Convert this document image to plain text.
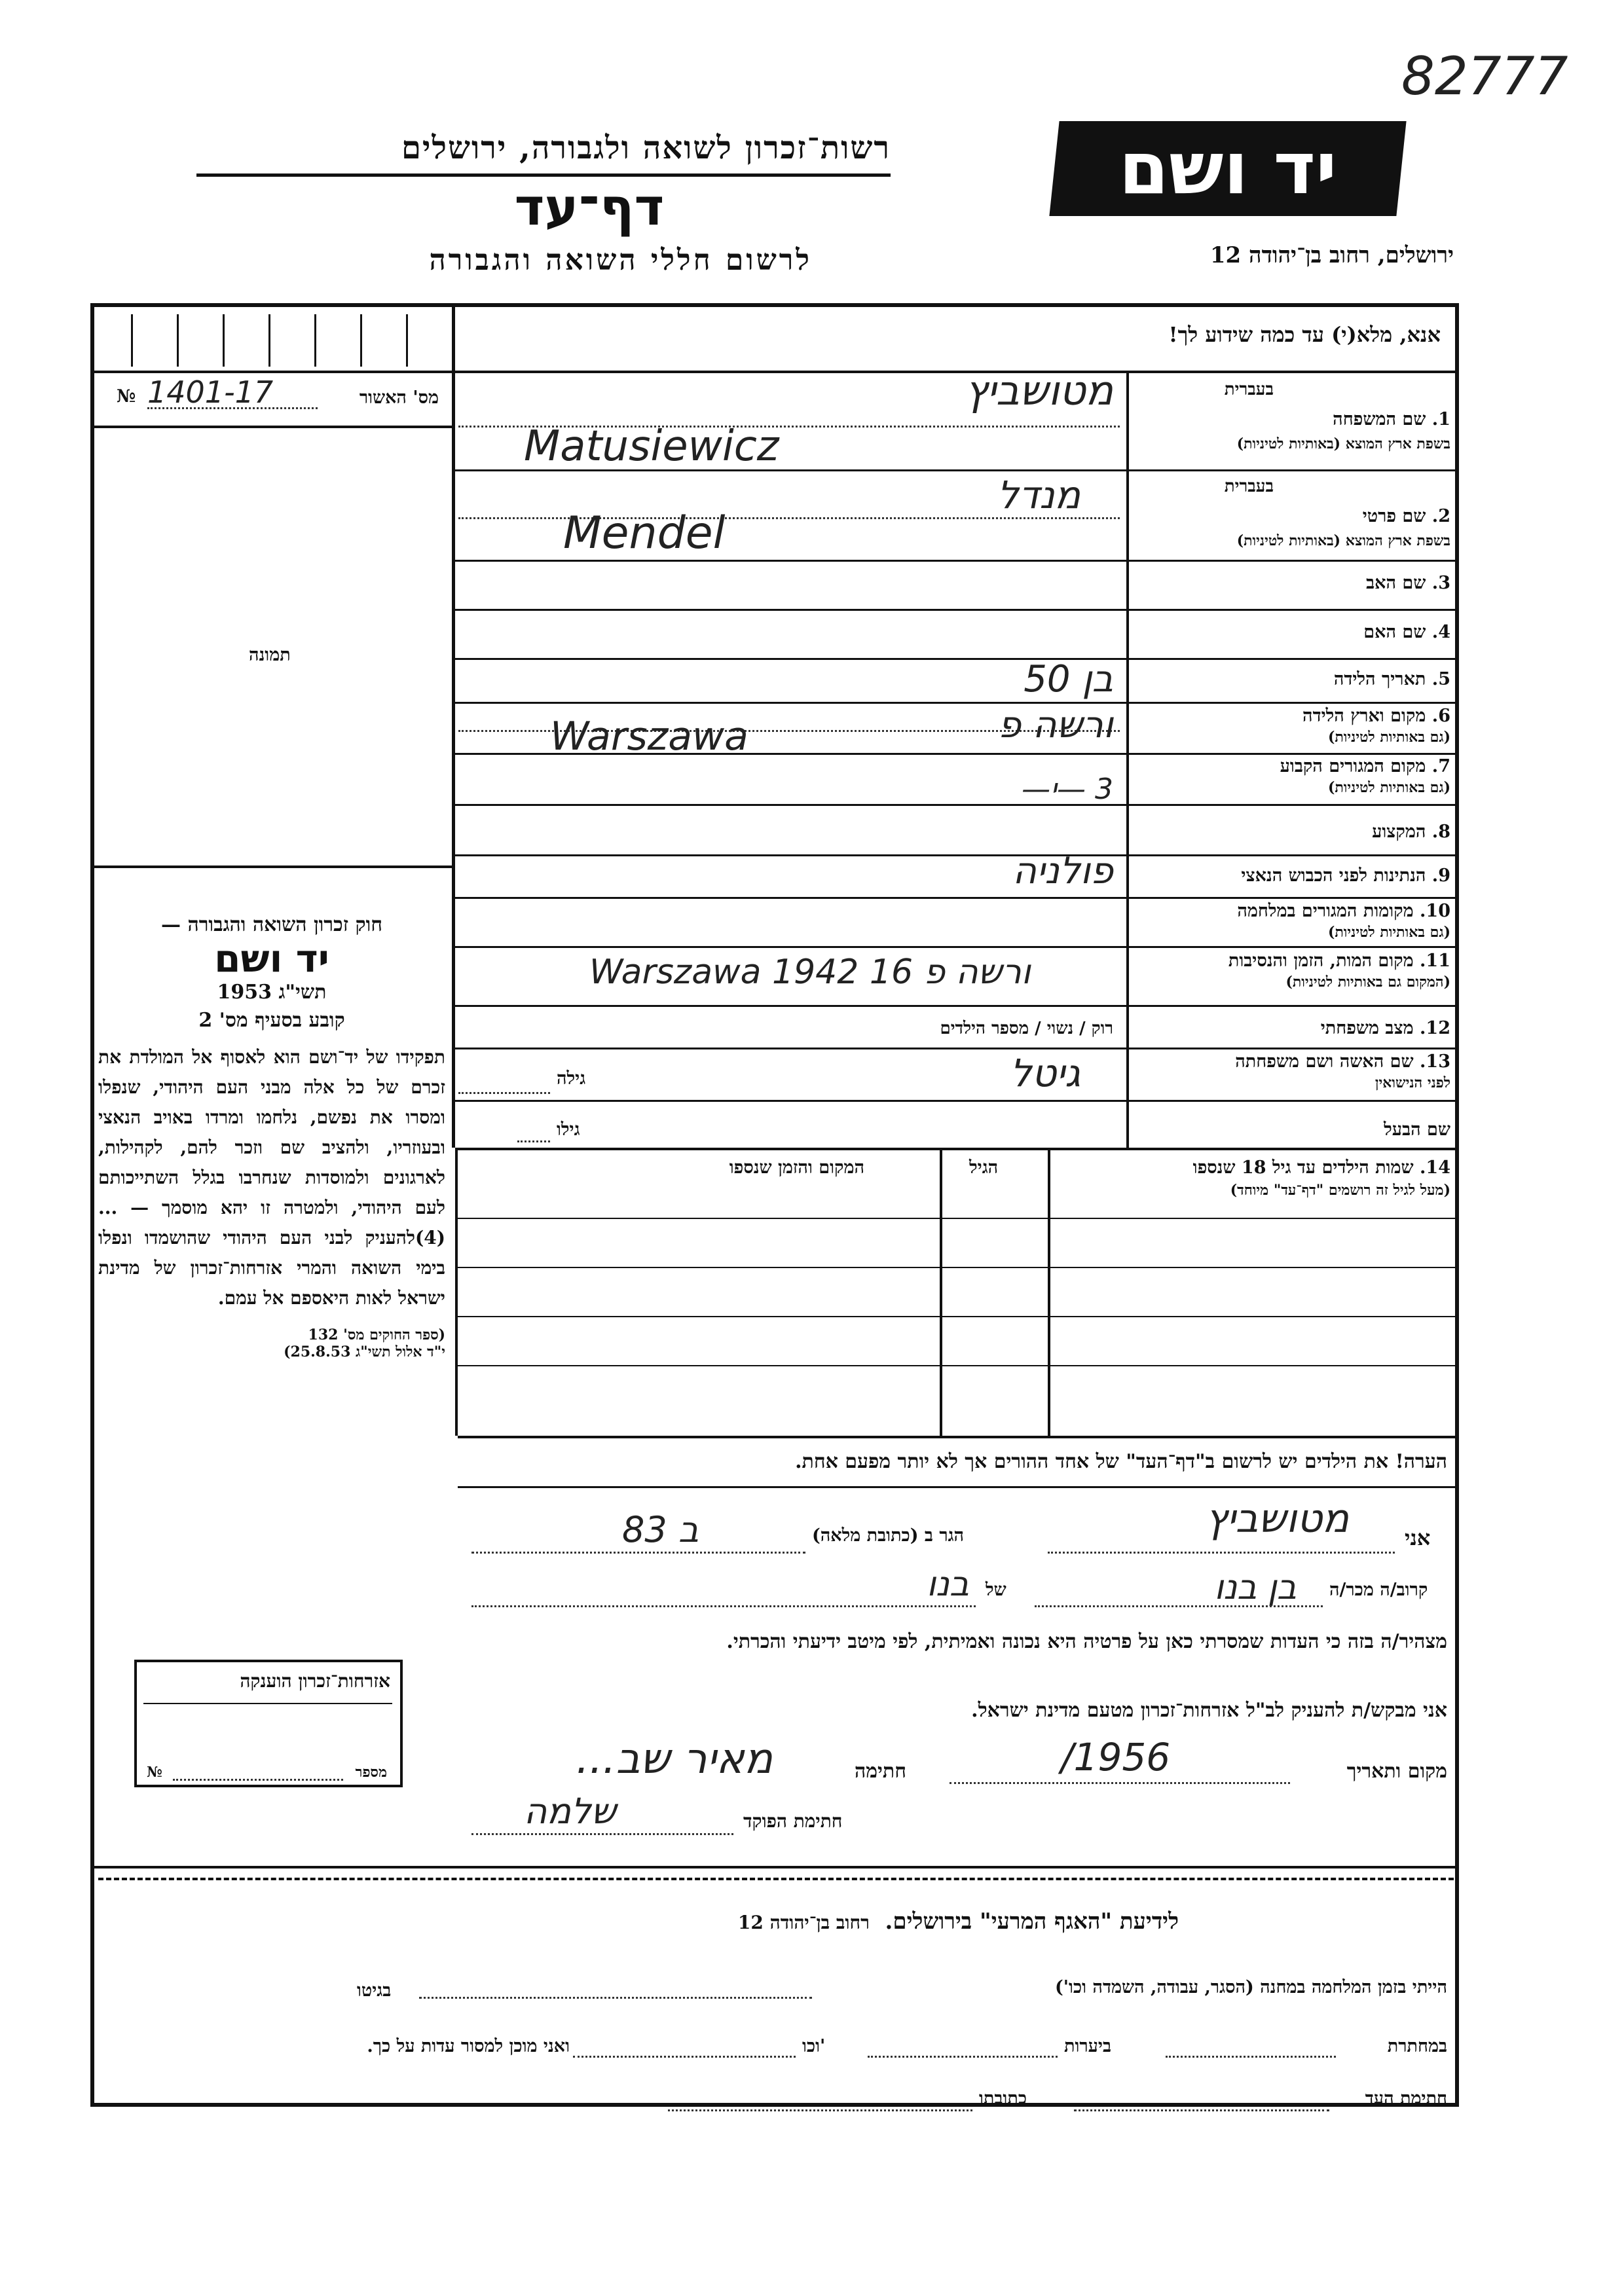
82777
רשות־זכרון לשואה ולגבורה, ירושלים
דף־עד
לרשום חללי השואה והגבורה
יד ושם
ירושלים, רחוב בן־יהודה 12
אנא, מלא(י) עד כמה שידוע לך!
№ 1401-17	מס' האשור
תמונה
בעברית
1. שם המשפחה
בשפת ארץ המוצא (באותיות לטיניות)
מטושביץ
Matusiewicz
בעברית
2. שם פרטי
בשפת ארץ המוצא (באותיות לטיניות)
מנדל
Mendel
3. שם האב
4. שם האם
5. תאריך הלידה
בן 50
6. מקום וארץ הלידה
(גם באותיות לטיניות)
ורשה פ
Warszawa
7. מקום המגורים הקבוע
(גם באותיות לטיניות)
3 —י—
8. המקצוע
9. הנתינות לפני הכבוש הנאצי
פולניה
10. מקומות המגורים במלחמה
(גם באותיות לטיניות)
11. מקום המות, הזמן והנסיבות
(המקום גם באותיות לטיניות)
Warszawa ורשה פ 16 1942
12. מצב משפחתי
רוק / נשוי / מספר הילדים
13. שם האשה ושם משפחתה
לפני הנישואין
גיטל
גילה
שם הבעל
גילו
14. שמות הילדים עד גיל 18 שנספו
(מעל לגיל זה רושמים "דף־עד" מיוחד)
הגיל
המקום והזמן שנספו
חוק זכרון השואה והגבורה —
יד ושם
תשי"ג 1953
קובע בסעיף מס' 2
תפקידו של יד־ושם הוא לאסוף אל המולדת את זכרם של כל אלה מבני העם היהודי, שנפלו ומסרו את נפשם, נלחמו ומרדו באויב הנאצי ובעוזריו, ולהציב שם וזכר להם, לקהילות, לארגונים ולמוסדות שנחרבו בגלל השתייכותם לעם היהודי, ולמטרה זו יהא מוסמך — ...(4)להעניק לבני העם היהודי שהושמדו ונפלו בימי השואה והמרי אזרחות־זכרון של מדינת ישראל לאות היאספם אל עמם.
(ספר החוקים מס' 132
י"ד אלול תשי"ג 25.8.53)
הערה! את הילדים יש לרשום ב"דף־העד" של אחד ההורים אך לא יותר מפעם אחת.
אני
מטושביץ
הגר ב (כתובת מלאה)
ב 83
קרוב/ה מכר/ה
בן בנו
של
בנו
מצהיר/ה בזה כי העדות שמסרתי כאן על פרטיה היא נכונה ואמיתית, לפי מיטב ידיעתי והכרתי.
אני מבקש/ת להעניק לב"ל אזרחות־זכרון מטעם מדינת ישראל.
מקום ותאריך
/1956
חתימה
מאיר שב...
חתימת הפוקד
שלמה
אזרחות־זכרון הוענקה
№	מספר
לידיעת "האגף המרעי" בירושלים.  רחוב בן־יהודה 12
הייתי בזמן המלחמה במחנה (הסגר, עבודה, השמדה וכו')
בגיטו
במחתרת
ביערות
וכו'
ואני מוכן למסור עדות על כך.
חתימת העד
כתובתו
